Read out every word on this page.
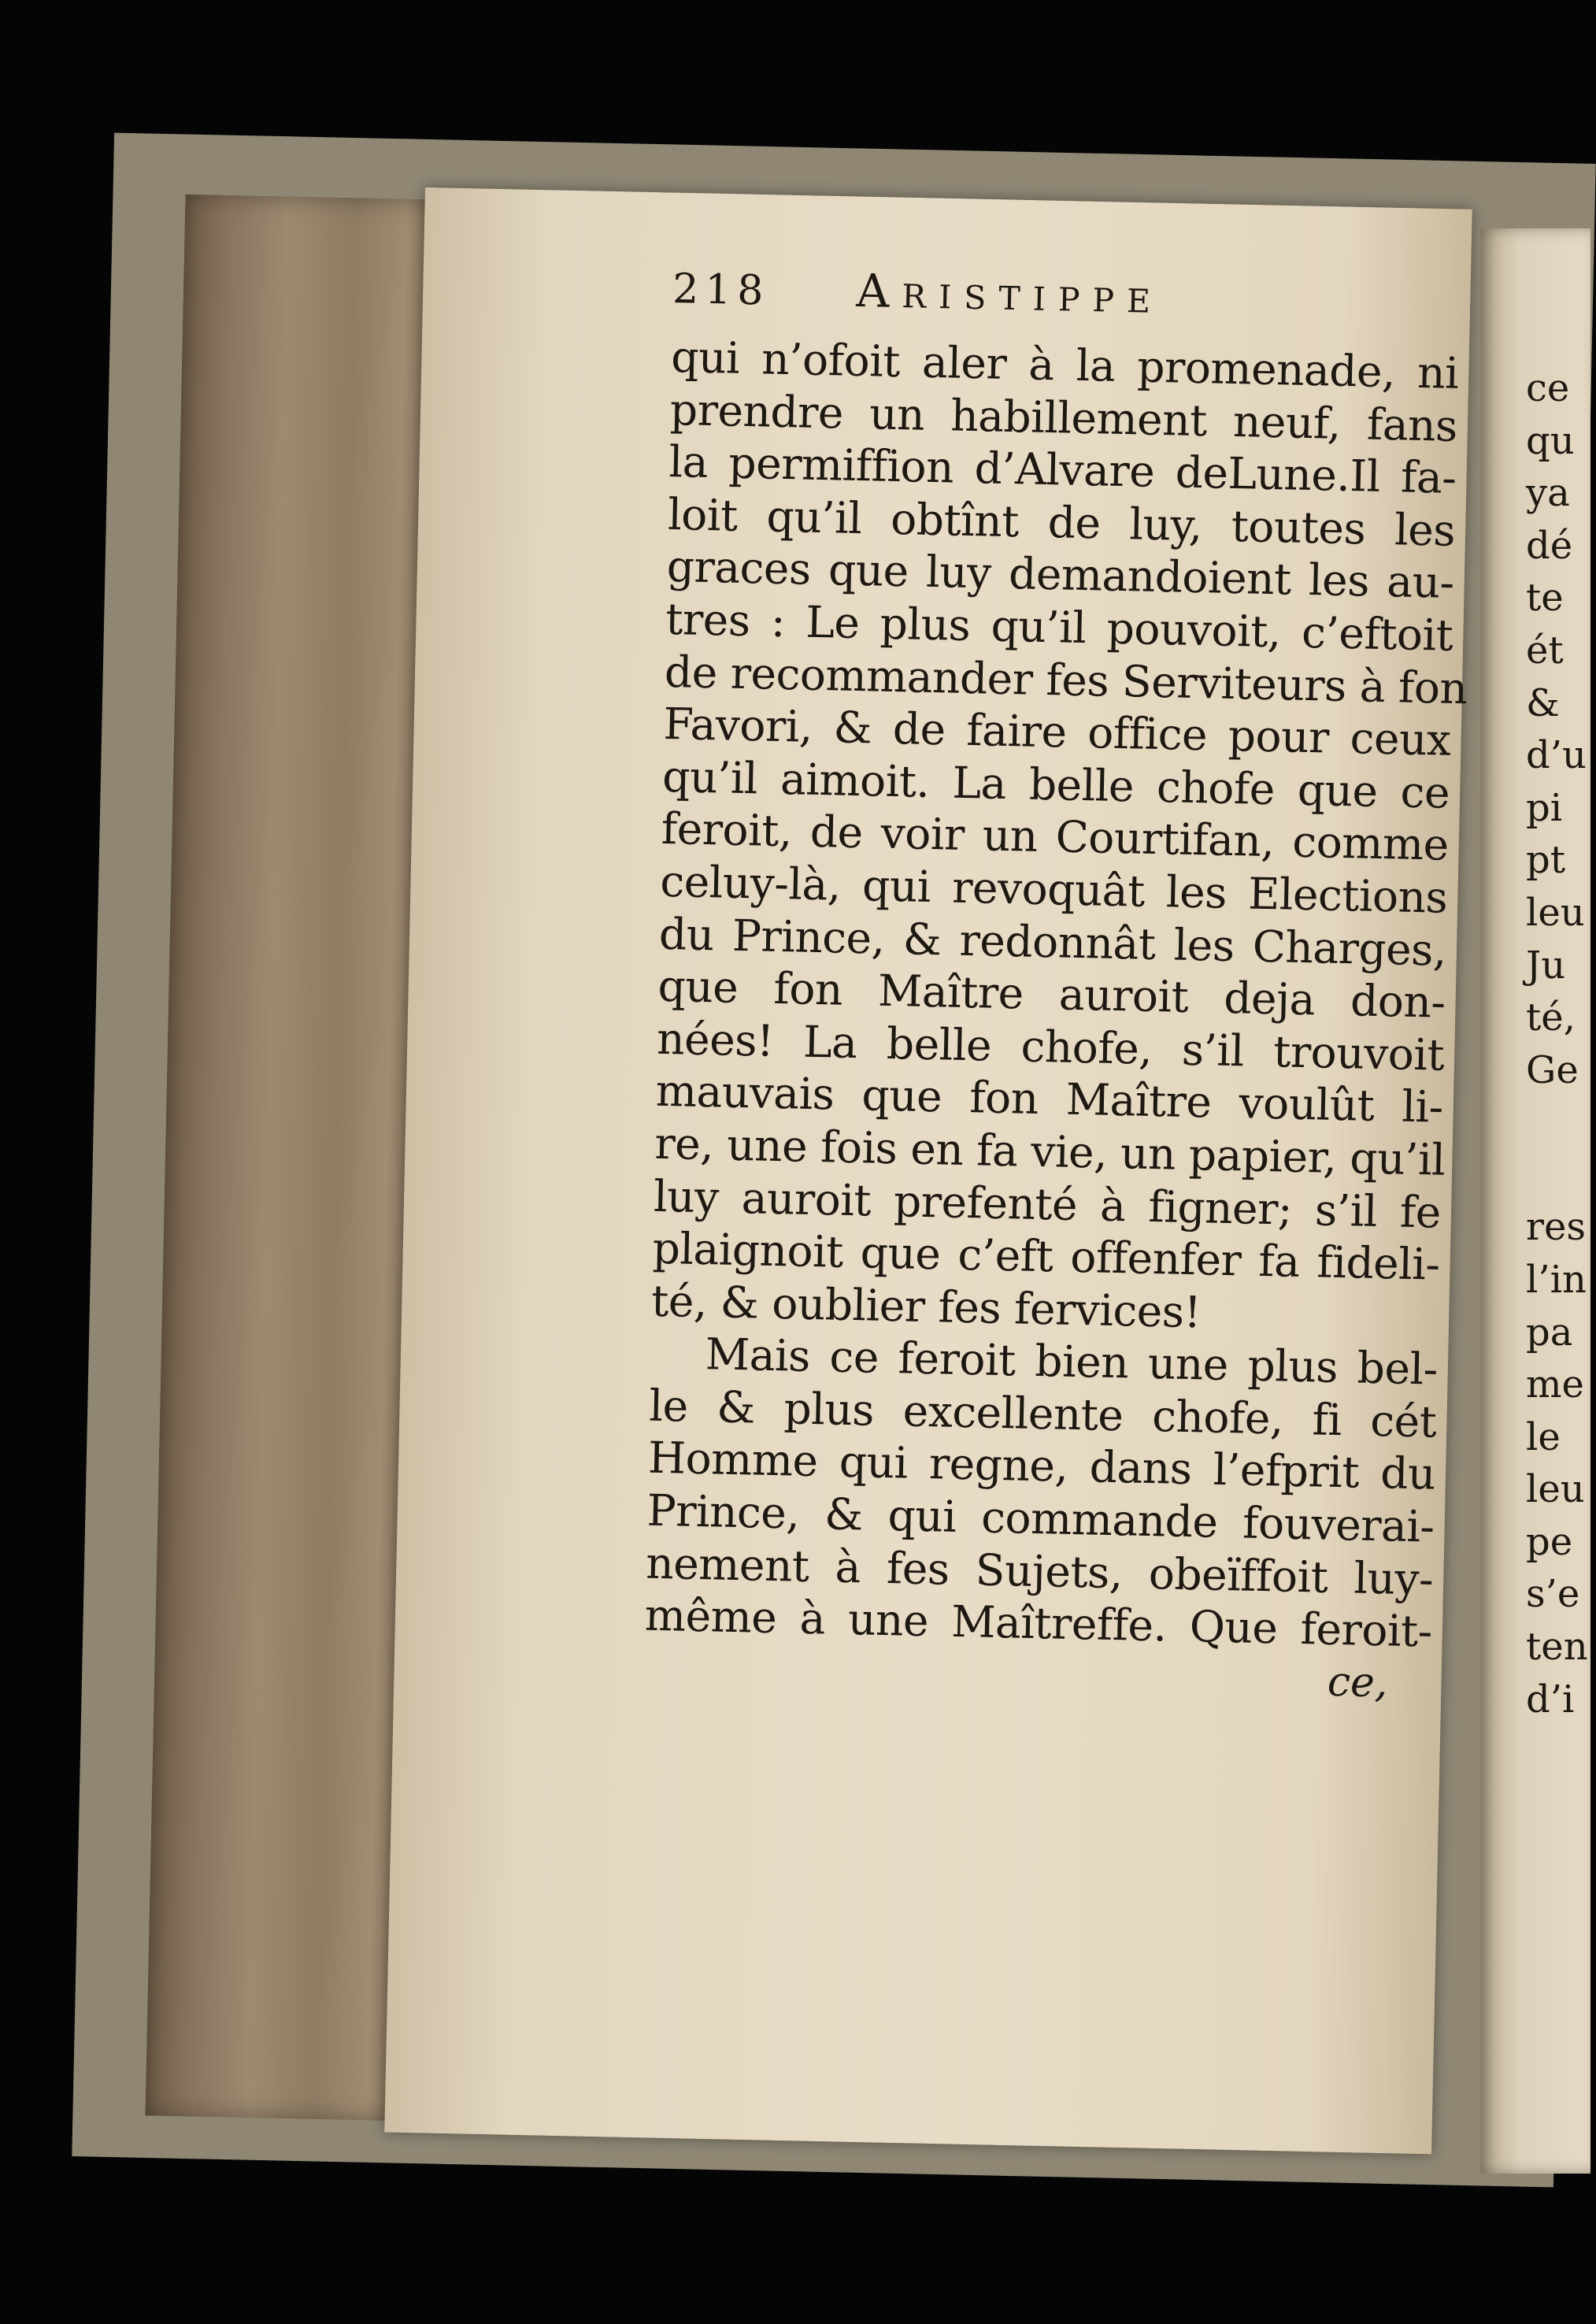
218 Aristippe
qui n’ofoit aler à la promenade, ni
prendre un habillement neuf, fans
la permiffion d’Alvare deLune.Il fa-
loit qu’il obtînt de luy, toutes les
graces que luy demandoient les au-
tres : Le plus qu’il pouvoit, c’eftoit
de recommander fes Serviteurs à fon
Favori, & de faire office pour ceux
qu’il aimoit. La belle chofe que ce
feroit, de voir un Courtifan, comme
celuy-là, qui revoquât les Elections
du Prince, & redonnât les Charges,
que fon Maître auroit deja don-
nées! La belle chofe, s’il trouvoit
mauvais que fon Maître voulût li-
re, une fois en fa vie, un papier, qu’il
luy auroit prefenté à figner; s’il fe
plaignoit que c’eft offenfer fa fideli-
té, & oublier fes fervices!
Mais ce feroit bien une plus bel-
le & plus excellente chofe, fi cét
Homme qui regne, dans l’efprit du
Prince, & qui commande fouverai-
nement à fes Sujets, obeïffoit luy-
même à une Maîtreffe. Que feroit-
ce,
ce
qu
ya
dé
te
ét
&
d’u
pi
pt
leu
Ju
té,
Ge
res
l’in
pa
me
le
leu
pe
s’e
ten
d’i
